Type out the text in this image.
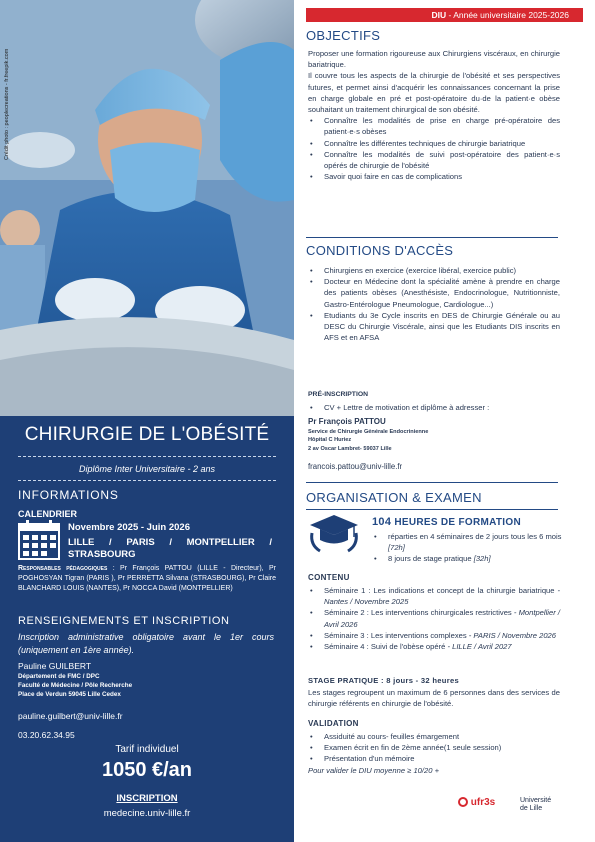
CHIRURGIE DE L'OBÉSITÉ
Diplôme Inter Universitaire - 2 ans
INFORMATIONS
CALENDRIER
Novembre 2025 - Juin 2026
LILLE / PARIS / MONTPELLIER /
STRASBOURG
Responsables pédagogiques : Pr François PATTOU (LILLE - Directeur), Pr POGHOSYAN Tigran (PARIS ), Pr PERRETTA Silvana (STRASBOURG), Pr Claire BLANCHARD LOUIS (NANTES), Pr NOCCA David (MONTPELLIER)
RENSEIGNEMENTS ET INSCRIPTION
Inscription administrative obligatoire avant le 1er cours (uniquement en 1ère année).
Pauline GUILBERT
Département de FMC / DPC
Faculté de Médecine / Pôle Recherche
Place de Verdun 59045 Lille Cedex
pauline.guilbert@univ-lille.fr
03.20.62.34.95
Tarif individuel
1050 €/an
INSCRIPTION
medecine.univ-lille.fr
DIU - Année universitaire 2025-2026
OBJECTIFS

Proposer une formation rigoureuse aux Chirurgiens viscéraux, en chirurgie bariatrique.

Il couvre tous les aspects de la chirurgie de l'obésité et ses perspectives futures, et permet ainsi d'acquérir les connaissances concernant la prise en charge globale en pré et post-opératoire du·de la patient·e obèse souhaitant un traitement chirurgical de son obésité.

• Connaître les modalités de prise en charge pré-opératoire des patient·e·s obèses
• Connaître les différentes techniques de chirurgie bariatrique
• Connaître les modalités de suivi post-opératoire des patient·e·s opérés de chirurgie de l'obésité
• Savoir quoi faire en cas de complications
CONDITIONS D'ACCÈS
• Chirurgiens en exercice (exercice libéral, exercice public)
• Docteur en Médecine dont la spécialité amène à prendre en charge des patients obèses (Anesthésiste, Endocrinologue, Nutritionniste, Gastro-Entérologue Pneumologue, Cardiologue...)
• Etudiants du 3e Cycle inscrits en DES de Chirurgie Générale ou au DESC du Chirurgie Viscérale, ainsi que les Etudiants DIS inscrits en AFS et en AFSA
PRÉ-INSCRIPTION
• CV + Lettre de motivation et diplôme à adresser :
Pr François PATTOU
Service de Chirurgie Générale Endocrinienne
Hôpital C Huriez
2 av Oscar Lambret- 59037 Lille
francois.pattou@univ-lille.fr
ORGANISATION & EXAMEN
104 HEURES DE FORMATION
• réparties en 4 séminaires de 2 jours tous les 6 mois [72h]
• 8 jours de stage pratique [32h]
CONTENU
• Séminaire 1 : Les indications et concept de la chirurgie bariatrique - Nantes / Novembre 2025
• Séminaire 2 : Les interventions chirurgicales restrictives - Montpellier / Avril 2026
• Séminaire 3 : Les interventions complexes - PARIS / Novembre 2026
• Séminaire 4 : Suivi de l'obèse opéré - LILLE / Avril 2027
STAGE PRATIQUE : 8 jours - 32 heures
Les stages regroupent un maximum de 6 personnes dans des services de chirurgie référents en chirurgie de l'obésité.
VALIDATION
• Assiduité au cours- feuilles émargement
• Examen écrit en fin de 2ème année(1 seule session)
• Présentation d'un mémoire

Pour valider le DIU moyenne ≥ 10/20 +

ufr3s	Université
de Lille
